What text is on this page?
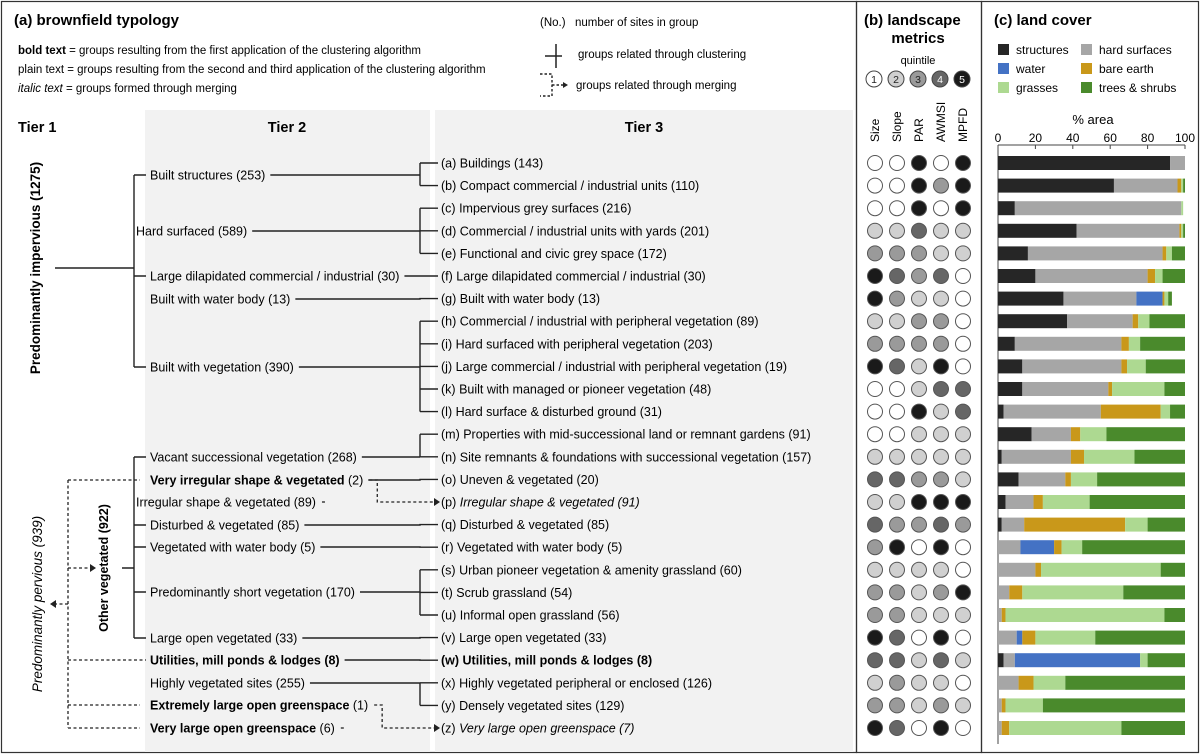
(a) brownfield typology
bold text = groups resulting from the first application of the clustering algorithm
plain text = groups resulting from the second and third application of the clustering algorithm
italic text = groups formed through merging
(No.) number of sites in group
groups related through clustering
groups related through merging
Tier 1	Tier 2	Tier 3
Built structures (253)
Hard surfaced (589)
Large dilapidated commercial / industrial (30)
Built with water body (13)
Built with vegetation (390)
Vacant successional vegetation (268)
Very irregular shape & vegetated (2)
Irregular shape & vegetated (89)
Disturbed & vegetated (85)
Vegetated with water body (5)
Predominantly short vegetation (170)
Large open vegetated (33)
Utilities, mill ponds & lodges (8)
Highly vegetated sites (255)
Extremely large open greenspace (1)
Very large open greenspace (6)
(a) Buildings (143)
(b) Compact commercial / industrial units (110)
(c) Impervious grey surfaces (216)
(d) Commercial / industrial units with yards (201)
(e) Functional and civic grey space (172)
(f) Large dilapidated commercial / industrial (30)
(g) Built with water body (13)
(h) Commercial / industrial with peripheral vegetation (89)
(i) Hard surfaced with peripheral vegetation (203)
(j) Large commercial / industrial with peripheral vegetation (19)
(k) Built with managed or pioneer vegetation (48)
(l) Hard surface & disturbed ground (31)
(m) Properties with mid-successional land or remnant gardens (91)
(n) Site remnants & foundations with successional vegetation (157)
(o) Uneven & vegetated (20)
(p) Irregular shape & vegetated (91)
(q) Disturbed & vegetated (85)
(r) Vegetated with water body (5)
(s) Urban pioneer vegetation & amenity grassland (60)
(t) Scrub grassland (54)
(u) Informal open grassland (56)
(v) Large open vegetated (33)
(w) Utilities, mill ponds & lodges (8)
(x) Highly vegetated peripheral or enclosed (126)
(y) Densely vegetated sites (129)
(z) Very large open greenspace (7)
Predominantly impervious (1275)
Predominantly pervious (939)	Other vegetated (922)
(b) landscape
metrics
quintile
1 2 3 4 5
Size Slope PAR AWMSI MPFD
(c) land cover
structures	hard surfaces
water	bare earth
grasses	trees & shrubs
% area
0 20 40 60 80 100
